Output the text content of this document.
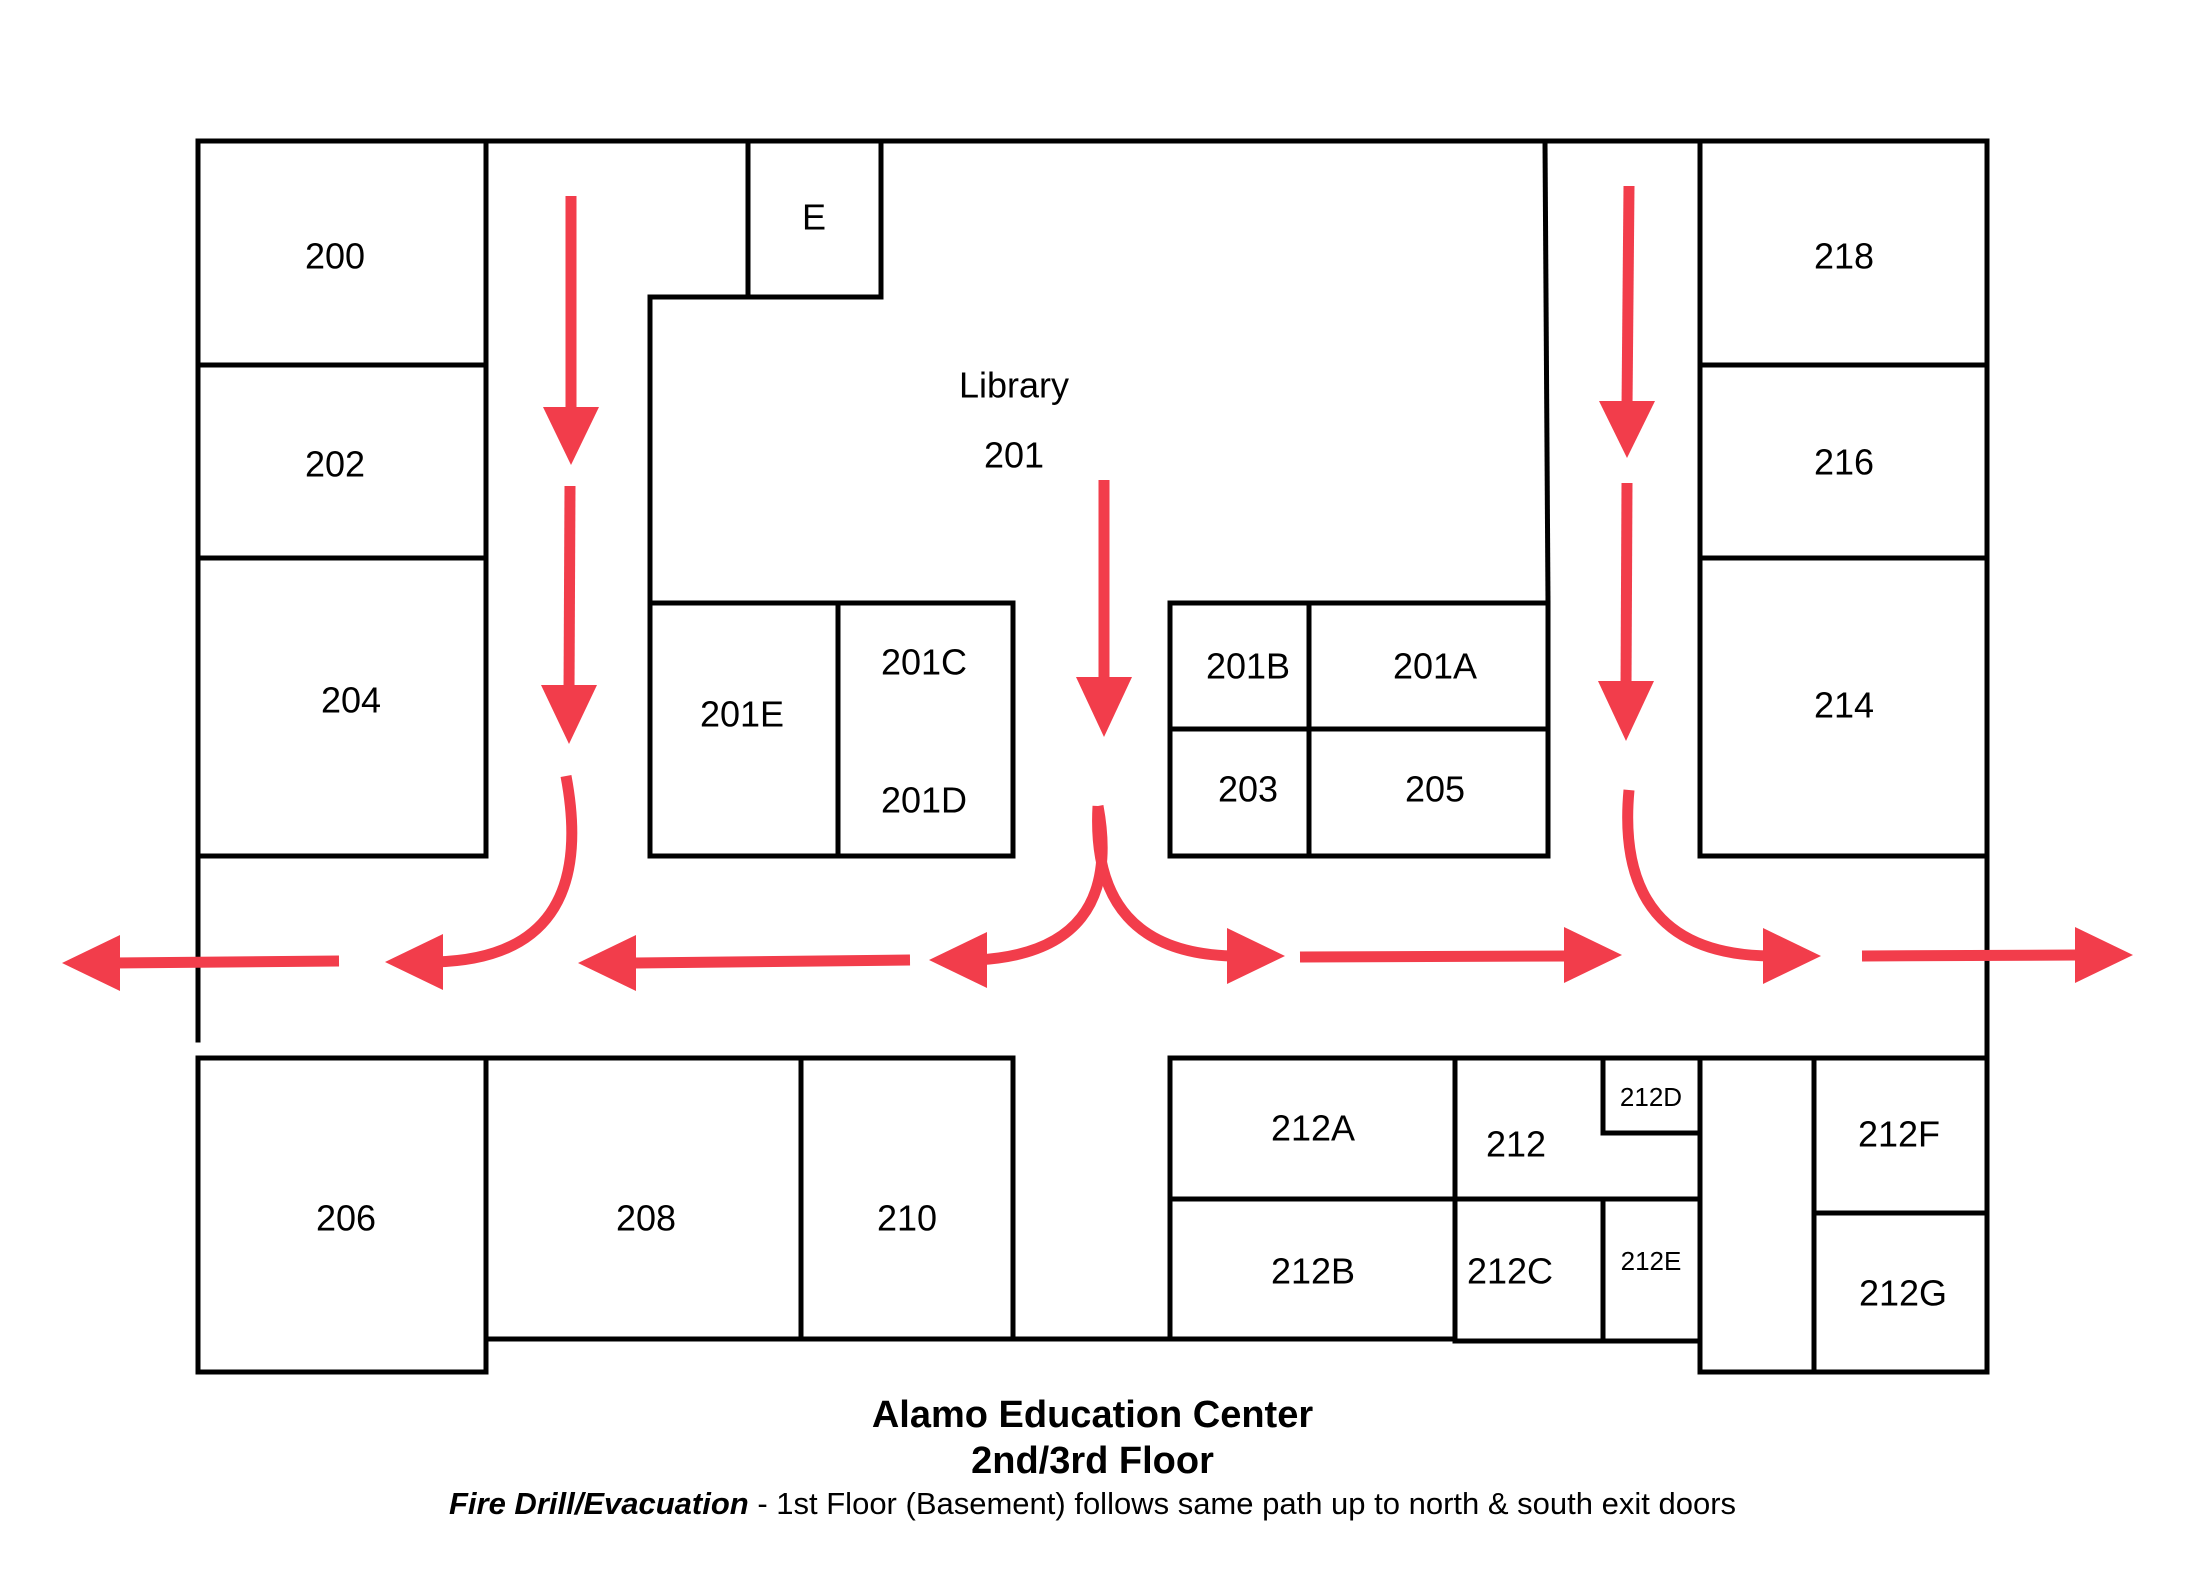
200
202
204
E
Library
201
201E
201C
201D
201B	201A
203	205
218
216
214
206	208	210
212A	212
212D
212B	212C	212E
212F
212G
Alamo Education Center
2nd/3rd Floor
Fire Drill/Evacuation - 1st Floor (Basement) follows same path up to north & south exit doors
